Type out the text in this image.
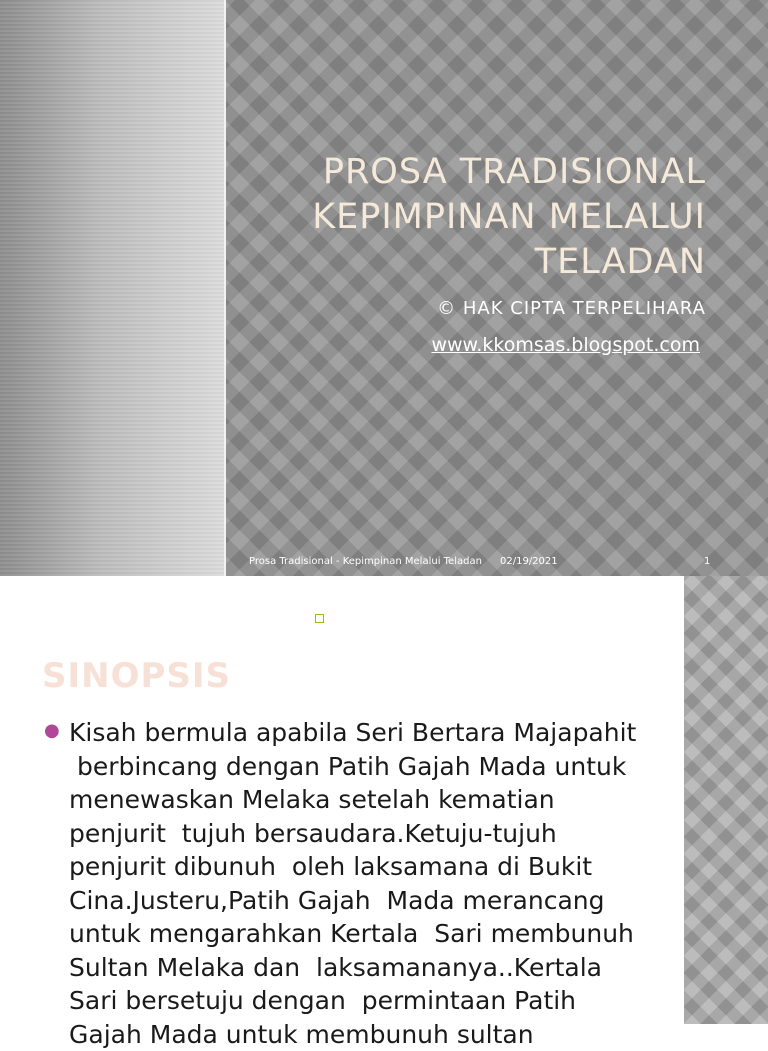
PROSA TRADISIONAL
KEPIMPINAN MELALUI
TELADAN
© HAK CIPTA TERPELIHARA
www.kkomsas.blogspot.com
Prosa Tradisional - Kepimpinan Melalui Teladan 02/19/2021	1
SINOPSIS
● Kisah bermula apabila Seri Bertara Majapahit
berbincang dengan Patih Gajah Mada untuk
menewaskan Melaka setelah kematian
penjurit  tujuh bersaudara.Ketuju-tujuh
penjurit dibunuh  oleh laksamana di Bukit
Cina.Justeru,Patih Gajah  Mada merancang
untuk mengarahkan Kertala  Sari membunuh
Sultan Melaka dan  laksamananya..Kertala
Sari bersetuju dengan  permintaan Patih
Gajah Mada untuk membunuh sultan
